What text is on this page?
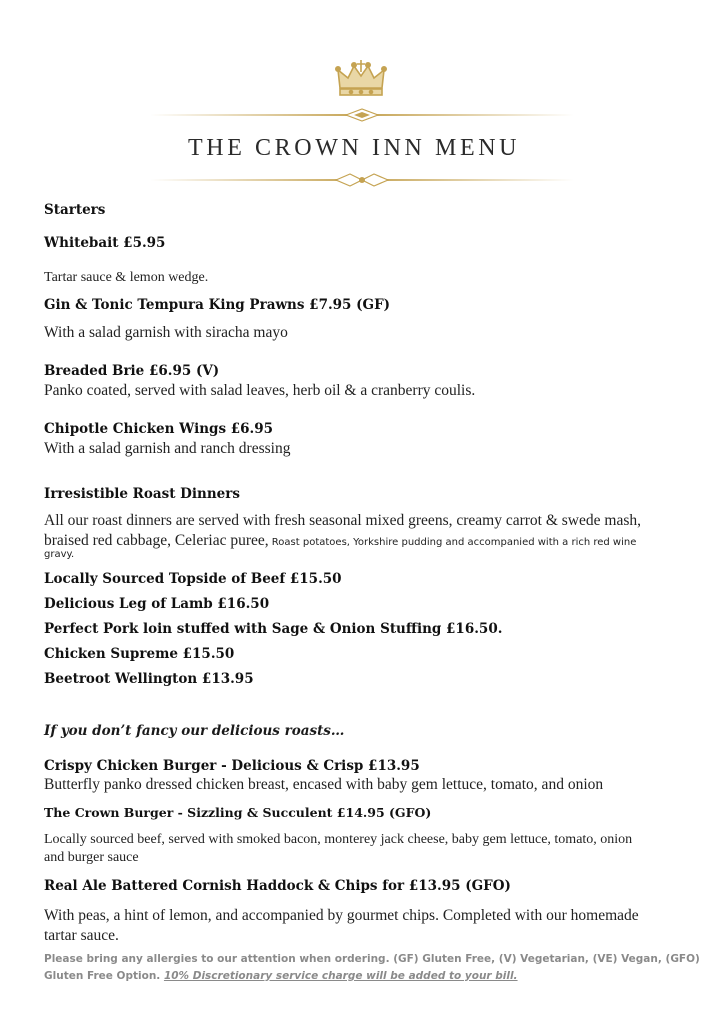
THE CROWN INN MENU
Starters
Whitebait £5.95
Tartar sauce & lemon wedge.
Gin & Tonic Tempura King Prawns £7.95 (GF)
With a salad garnish with siracha mayo
Breaded Brie £6.95 (V)
Panko coated, served with salad leaves, herb oil & a cranberry coulis.
Chipotle Chicken Wings £6.95
With a salad garnish and ranch dressing
Irresistible Roast Dinners
All our roast dinners are served with fresh seasonal mixed greens, creamy carrot & swede mash,
braised red cabbage, Celeriac puree, Roast potatoes, Yorkshire pudding and accompanied with a rich red wine
gravy.
Locally Sourced Topside of Beef £15.50
Delicious Leg of Lamb £16.50
Perfect Pork loin stuffed with Sage & Onion Stuffing £16.50.
Chicken Supreme £15.50
Beetroot Wellington £13.95
If you don’t fancy our delicious roasts…
Crispy Chicken Burger - Delicious & Crisp £13.95
Butterfly panko dressed chicken breast, encased with baby gem lettuce, tomato, and onion
The Crown Burger - Sizzling & Succulent £14.95 (GFO)
Locally sourced beef, served with smoked bacon, monterey jack cheese, baby gem lettuce, tomato, onion
and burger sauce
Real Ale Battered Cornish Haddock & Chips for £13.95 (GFO)
With peas, a hint of lemon, and accompanied by gourmet chips. Completed with our homemade
tartar sauce.
Please bring any allergies to our attention when ordering. (GF) Gluten Free, (V) Vegetarian, (VE) Vegan, (GFO)
Gluten Free Option. 10% Discretionary service charge will be added to your bill.
